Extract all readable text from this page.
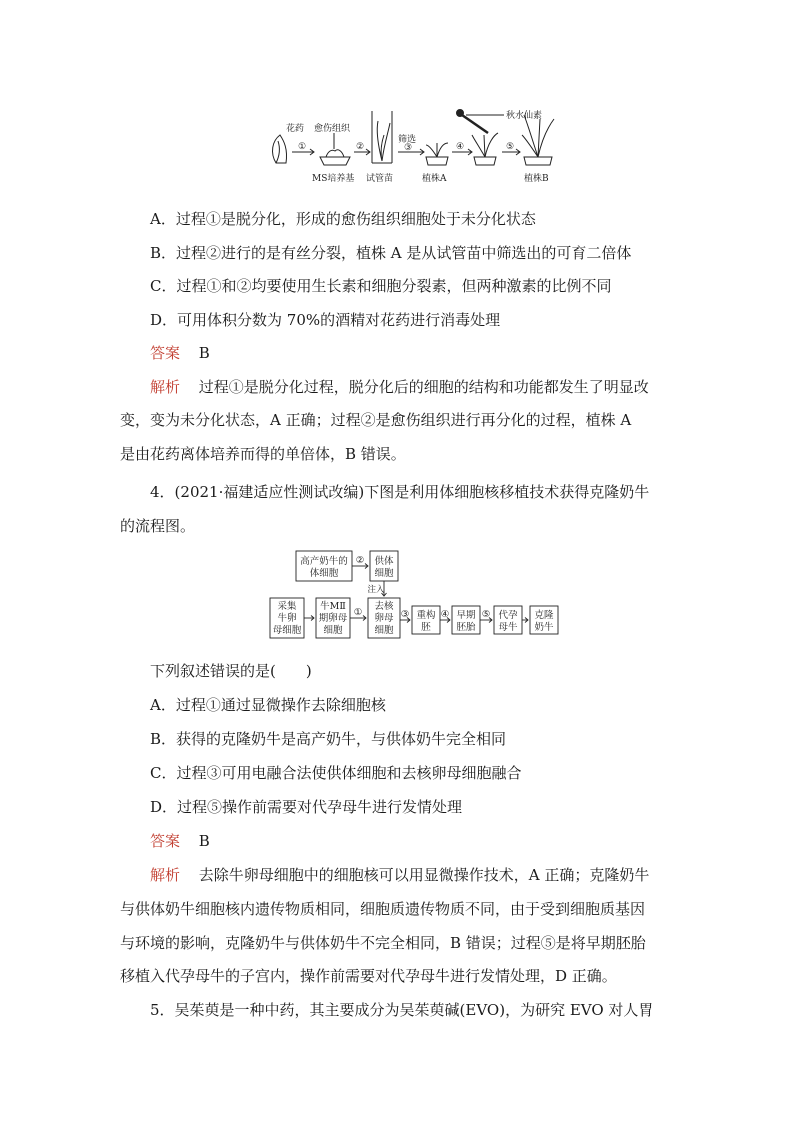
花药 愈伤组织
秋水仙素
①	②
筛选
③	④	⑤
MS培养基 试管苗	植株A	植株B
A．过程①是脱分化，形成的愈伤组织细胞处于未分化状态
B．过程②进行的是有丝分裂，植株 A 是从试管苗中筛选出的可育二倍体
C．过程①和②均要使用生长素和细胞分裂素，但两种激素的比例不同
D．可用体积分数为 70%的酒精对花药进行消毒处理
答案 B
解析 过程①是脱分化过程，脱分化后的细胞的结构和功能都发生了明显改
变，变为未分化状态，A 正确；过程②是愈伤组织进行再分化的过程，植株 A
是由花药离体培养而得的单倍体，B 错误。
4．(2021·福建适应性测试改编)下图是利用体细胞核移植技术获得克隆奶牛
的流程图。
高产奶牛的
体细胞
供体
细胞
②
注入
采集
牛卵
母细胞
牛MⅡ
期卵母
细胞
①
去核
卵母
细胞
③ 重构
胚
④ 早期
胚胎
⑤ 代孕
母牛
克隆
奶牛
下列叙述错误的是(　　)
A．过程①通过显微操作去除细胞核
B．获得的克隆奶牛是高产奶牛，与供体奶牛完全相同
C．过程③可用电融合法使供体细胞和去核卵母细胞融合
D．过程⑤操作前需要对代孕母牛进行发情处理
答案 B
解析 去除牛卵母细胞中的细胞核可以用显微操作技术，A 正确；克隆奶牛
与供体奶牛细胞核内遗传物质相同，细胞质遗传物质不同，由于受到细胞质基因
与环境的影响，克隆奶牛与供体奶牛不完全相同，B 错误；过程⑤是将早期胚胎
移植入代孕母牛的子宫内，操作前需要对代孕母牛进行发情处理，D 正确。
5．吴茱萸是一种中药，其主要成分为吴茱萸碱(EVO)，为研究 EVO 对人胃
